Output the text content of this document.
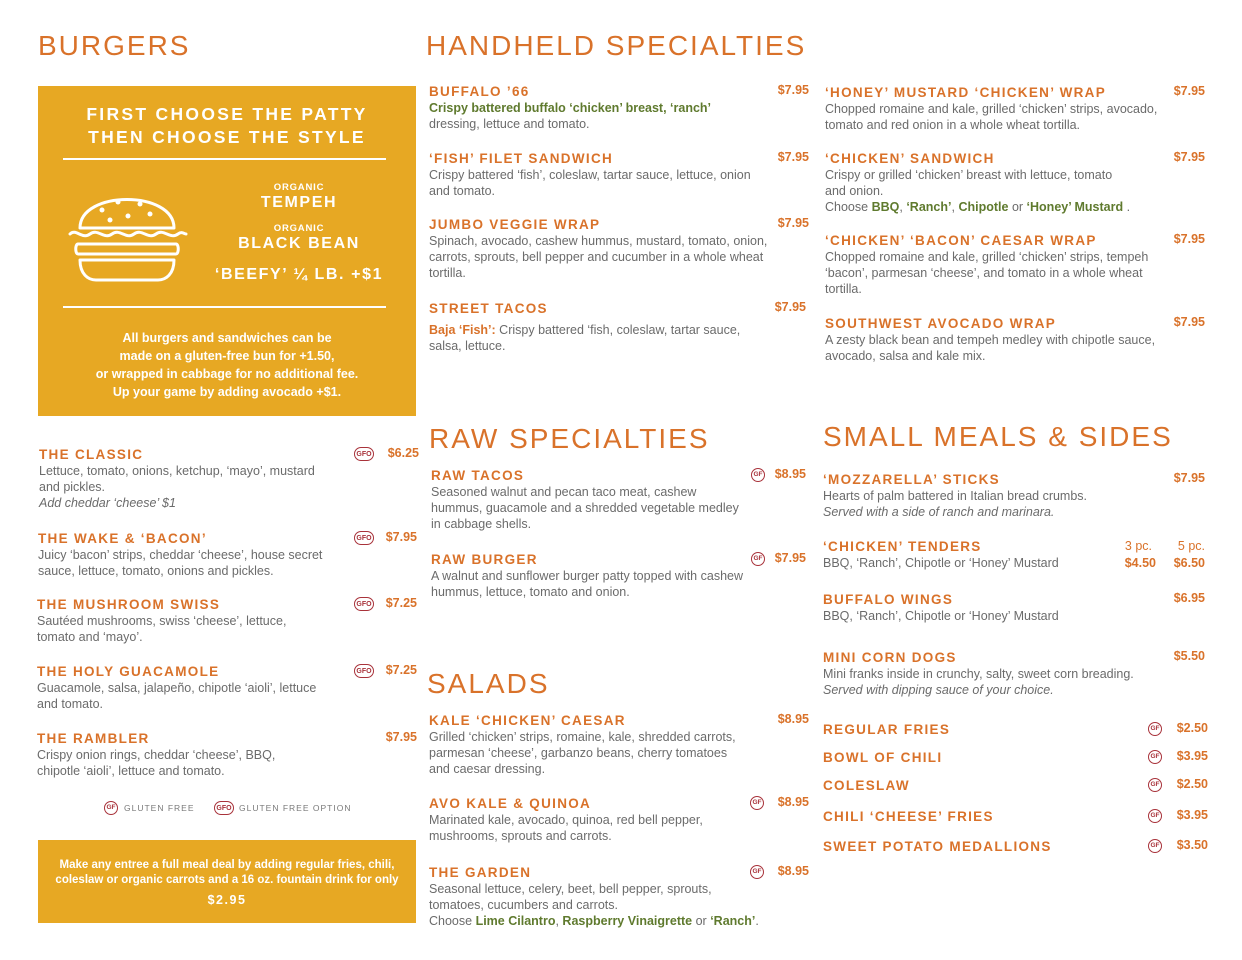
BURGERS
FIRST CHOOSE THE PATTY
THEN CHOOSE THE STYLE
ORGANIC
TEMPEH
ORGANIC
BLACK BEAN
‘BEEFY’ ¼ LB. +$1
All burgers and sandwiches can be
made on a gluten-free bun for +1.50,
or wrapped in cabbage for no additional fee.
Up your game by adding avocado +$1.
THE CLASSIC	GFO $6.25
Lettuce, tomato, onions, ketchup, ‘mayo’, mustard and pickles.
Add cheddar ‘cheese’ $1
THE WAKE & ‘BACON’	GFO $7.95
Juicy ‘bacon’ strips, cheddar ‘cheese’, house secret sauce, lettuce, tomato, onions and pickles.
THE MUSHROOM SWISS	GFO $7.25
Sautéed mushrooms, swiss ‘cheese’, lettuce, tomato and ‘mayo’.
THE HOLY GUACAMOLE	GFO $7.25
Guacamole, salsa, jalapeño, chipotle ‘aioli’, lettuce and tomato.
THE RAMBLER	$7.95
Crispy onion rings, cheddar ‘cheese’, BBQ, chipotle ‘aioli’, lettuce and tomato.
GF GLUTEN FREE	GFO GLUTEN FREE OPTION
Make any entree a full meal deal by adding regular fries, chili,
coleslaw or organic carrots and a 16 oz. fountain drink for only
$2.95
HANDHELD SPECIALTIES
BUFFALO ’66	$7.95
Crispy battered buffalo ‘chicken’ breast, ‘ranch’
dressing, lettuce and tomato.
‘FISH’ FILET SANDWICH	$7.95
Crispy battered ‘fish’, coleslaw, tartar sauce, lettuce, onion and tomato.
JUMBO VEGGIE WRAP	$7.95
Spinach, avocado, cashew hummus, mustard, tomato, onion, carrots, sprouts, bell pepper and cucumber in a whole wheat tortilla.
STREET TACOS	$7.95
Baja ‘Fish’: Crispy battered ‘fish, coleslaw, tartar sauce, salsa, lettuce.
‘HONEY’ MUSTARD ‘CHICKEN’ WRAP	$7.95
Chopped romaine and kale, grilled ‘chicken’ strips, avocado, tomato and red onion in a whole wheat tortilla.
‘CHICKEN’ SANDWICH	$7.95
Crispy or grilled ‘chicken’ breast with lettuce, tomato and onion.
Choose BBQ, ‘Ranch’, Chipotle or ‘Honey’ Mustard .
‘CHICKEN’ ‘BACON’ CAESAR WRAP	$7.95
Chopped romaine and kale, grilled ‘chicken’ strips, tempeh ‘bacon’, parmesan ‘cheese’, and tomato in a whole wheat tortilla.
SOUTHWEST AVOCADO WRAP	$7.95
A zesty black bean and tempeh medley with chipotle sauce, avocado, salsa and kale mix.
RAW SPECIALTIES
RAW TACOS	GF $8.95
Seasoned walnut and pecan taco meat, cashew hummus, guacamole and a shredded vegetable medley in cabbage shells.
RAW BURGER	GF $7.95
A walnut and sunflower burger patty topped with cashew hummus, lettuce, tomato and onion.
SALADS
KALE ‘CHICKEN’ CAESAR	$8.95
Grilled ‘chicken’ strips, romaine, kale, shredded carrots, parmesan ‘cheese’, garbanzo beans, cherry tomatoes and caesar dressing.
AVO KALE & QUINOA	GF $8.95
Marinated kale, avocado, quinoa, red bell pepper, mushrooms, sprouts and carrots.
THE GARDEN	GF $8.95
Seasonal lettuce, celery, beet, bell pepper, sprouts, tomatoes, cucumbers and carrots.
Choose Lime Cilantro, Raspberry Vinaigrette or ‘Ranch’.
SMALL MEALS & SIDES
‘MOZZARELLA’ STICKS	$7.95
Hearts of palm battered in Italian bread crumbs.
Served with a side of ranch and marinara.
‘CHICKEN’ TENDERS	3 pc. 5 pc.
$4.50 $6.50
BBQ, ‘Ranch’, Chipotle or ‘Honey’ Mustard
BUFFALO WINGS	$6.95
BBQ, ‘Ranch’, Chipotle or ‘Honey’ Mustard
MINI CORN DOGS	$5.50
Mini franks inside in crunchy, salty, sweet corn breading.
Served with dipping sauce of your choice.
REGULAR FRIES	GF $2.50
BOWL OF CHILI	GF $3.95
COLESLAW	GF $2.50
CHILI ‘CHEESE’ FRIES	GF $3.95
SWEET POTATO MEDALLIONS	GF $3.50
